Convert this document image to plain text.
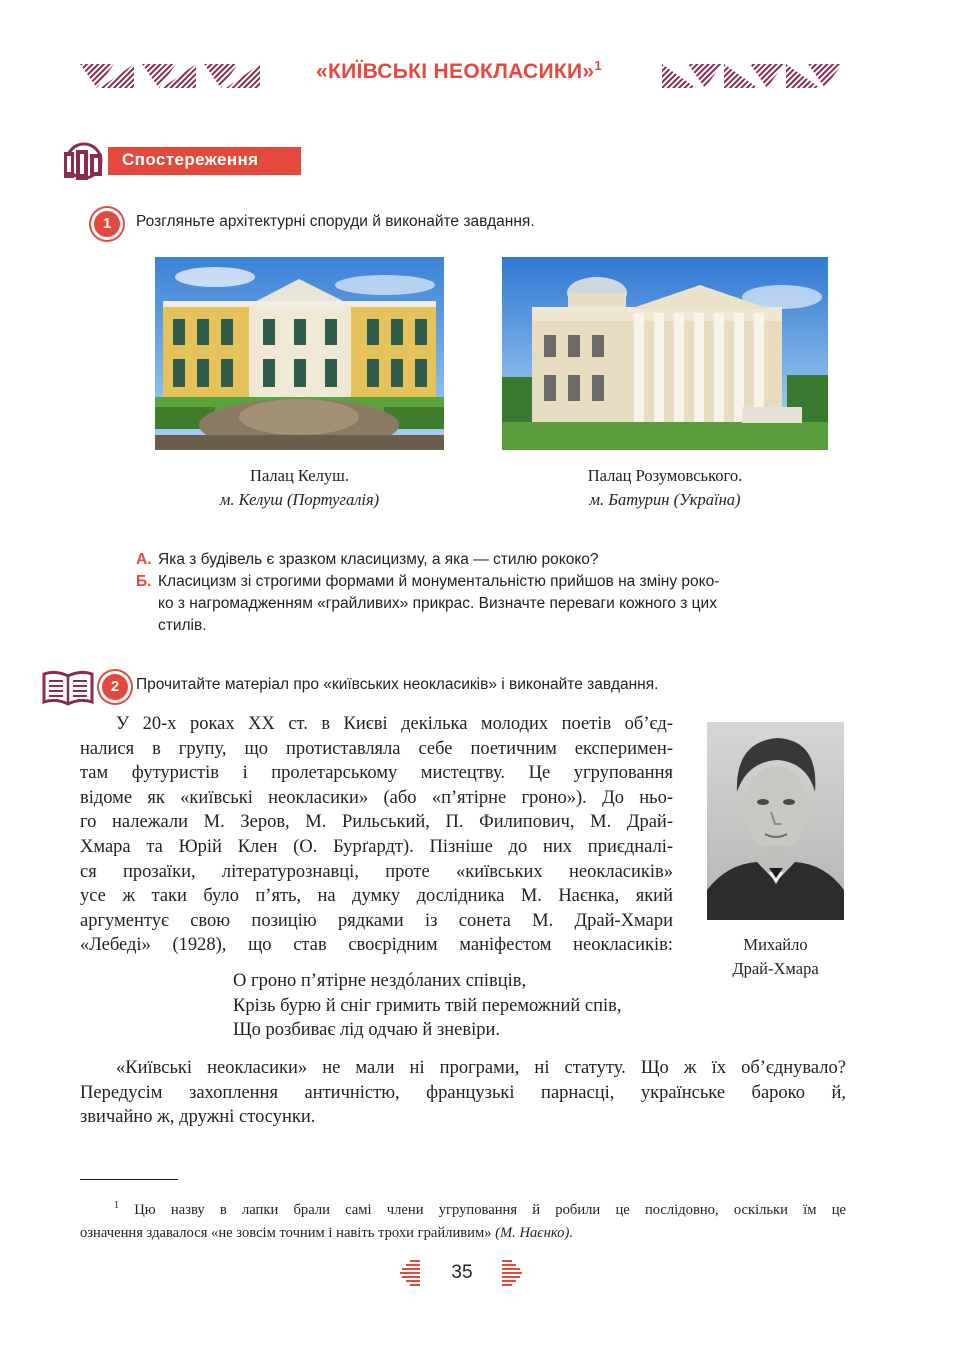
«КИЇВСЬКІ НЕОКЛАСИКИ»$^1$
Спостереження
1	Розгляньте архітектурні споруди й виконайте завдання.
Палац Келуш.
м. Келуш (Португалія)
Палац Розумовського.
м. Батурин (Україна)
А. Яка з будівель є зразком класицизму, а яка — стилю рококо?
Б. Класицизм зі строгими формами й монументальністю прийшов на зміну роко-
ко з нагромадженням «грайливих» прикрас. Визначте переваги кожного з цих
стилів.
2	Прочитайте матеріал про «київських неокласиків» і виконайте завдання.
У 20-х роках XX ст. в Києві декілька молодих поетів об’єд-
налися в групу, що протиставляла себе поетичним експеримен-
там футуристів і пролетарському мистецтву. Це угруповання
відоме як «київські неокласики» (або «п’ятірне гроно»). До ньо-
го належали М. Зеров, М. Рильський, П. Филипович, М. Драй-
Хмара та Юрій Клен (О. Бурґардт). Пізніше до них приєдналі-
ся прозаїки, літературознавці, проте «київських неокласиків»
усе ж таки було п’ять, на думку дослідника М. Наєнка, який
аргументує свою позицію рядками із сонета М. Драй-Хмари
«Лебеді» (1928), що став своєрідним маніфестом неокласиків:
О гроно п’ятірне нездóланих співців,
Крізь бурю й сніг гримить твій переможний спів,
Що розбиває лід одчаю й зневіри.
Михайло
Драй-Хмара
«Київські неокласики» не мали ні програми, ні статуту. Що ж їх об’єднувало?
Передусім захоплення античністю, французькі парнасці, українське бароко й,
звичайно ж, дружні стосунки.
$^1$ Цю назву в лапки брали самі члени угруповання й робили це послідовно, оскільки їм це
означення здавалося «не зовсім точним і навіть трохи грайливим» (М. Наєнко).
35
